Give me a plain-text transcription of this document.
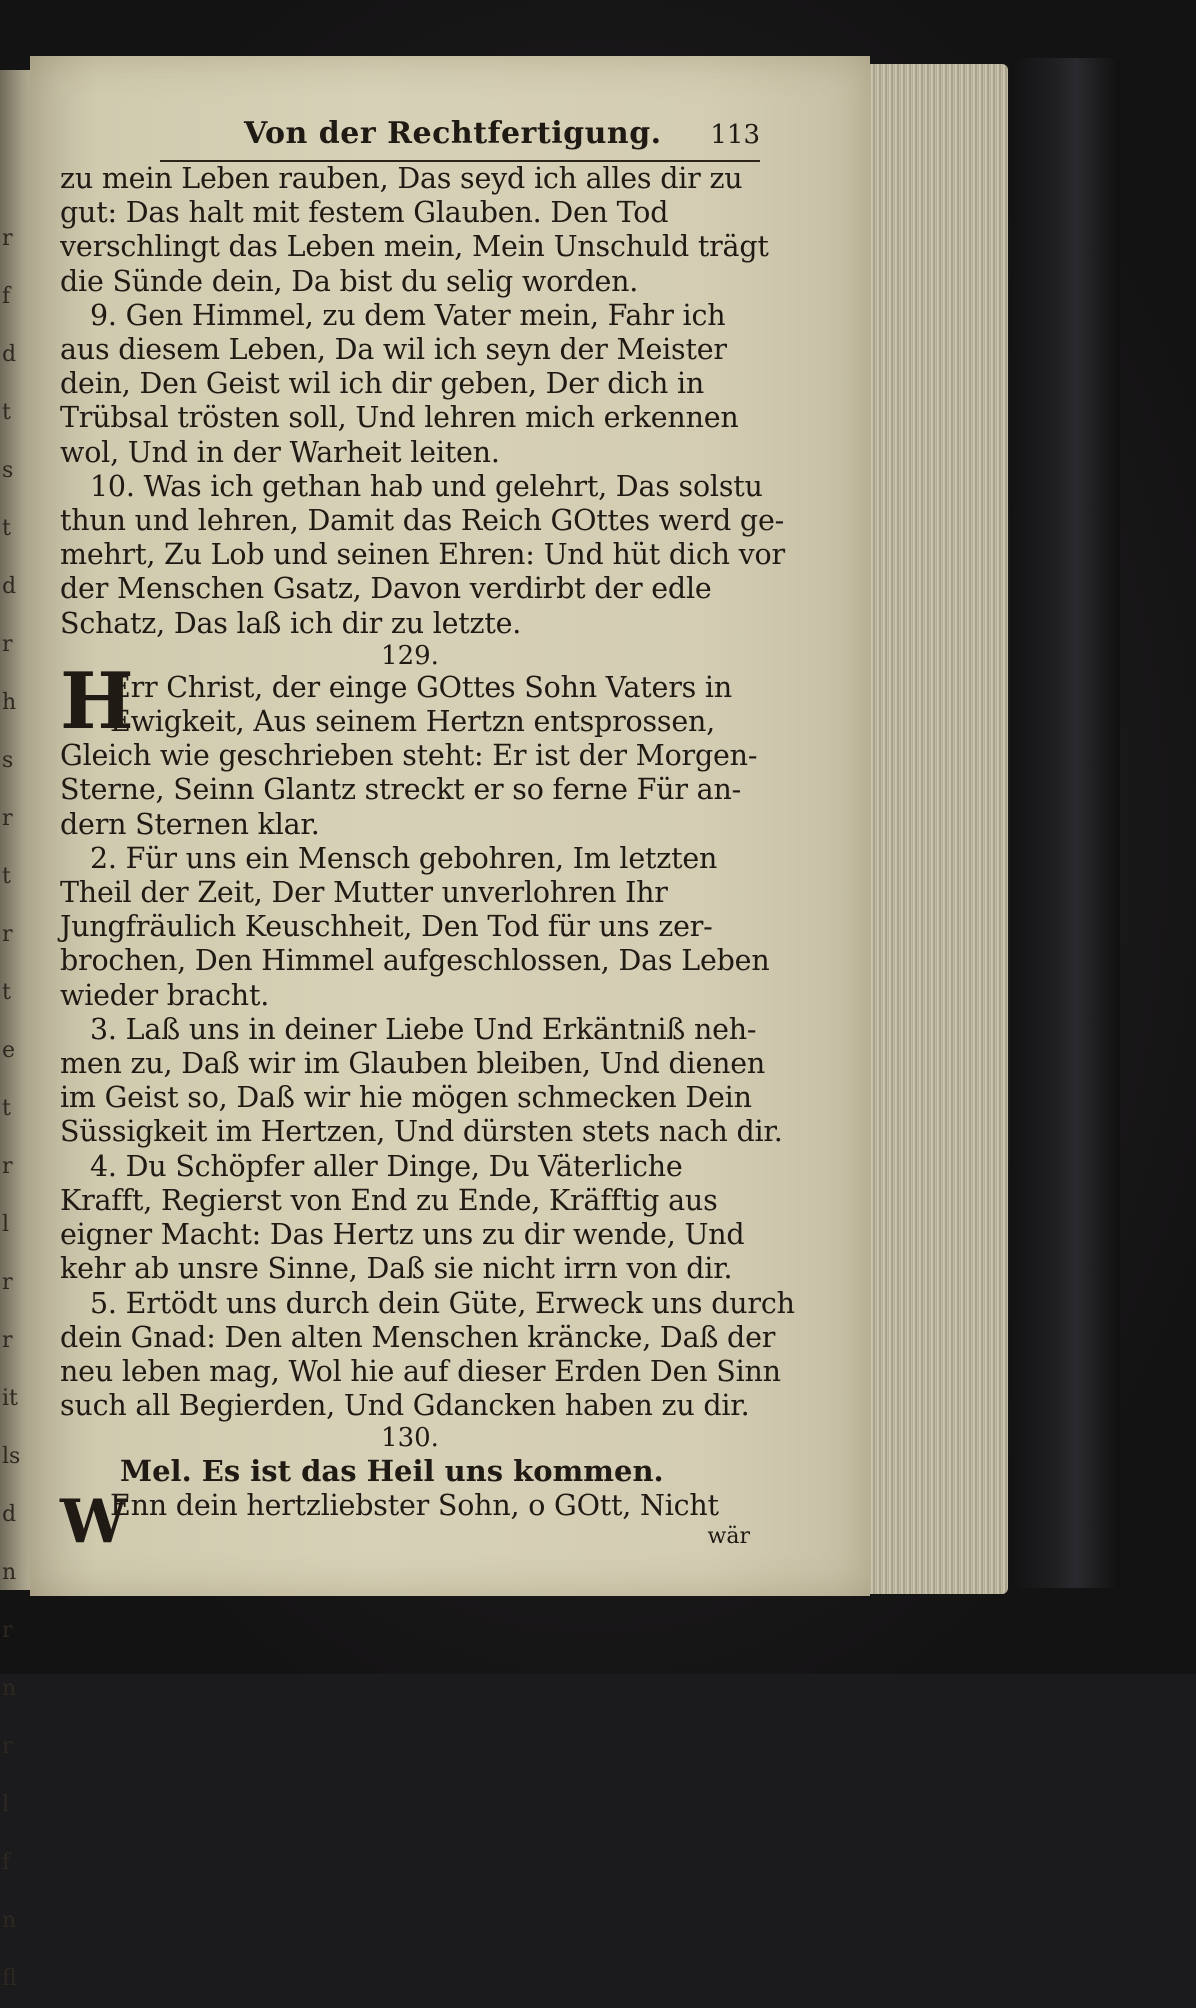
r
f
d
t
s
t
d
r
h
s
r
t
r
t
e
t
r
l
r
r
it
ls
d
n
r
n
r
l
f
n
fl
Von der Rechtfertigung. 113
zu mein Leben rauben, Das seyd ich alles dir zu
gut: Das halt mit festem Glauben. Den Tod
verschlingt das Leben mein, Mein Unschuld trägt
die Sünde dein, Da bist du selig worden.
9. Gen Himmel, zu dem Vater mein, Fahr ich
aus diesem Leben, Da wil ich seyn der Meister
dein, Den Geist wil ich dir geben, Der dich in
Trübsal trösten soll, Und lehren mich erkennen
wol, Und in der Warheit leiten.
10. Was ich gethan hab und gelehrt, Das solstu
thun und lehren, Damit das Reich GOttes werd ge-
mehrt, Zu Lob und seinen Ehren: Und hüt dich vor
der Menschen Gsatz, Davon verdirbt der edle
Schatz, Das laß ich dir zu letzte.
129.
H
Err Christ, der einge GOttes Sohn Vaters in
Ewigkeit, Aus seinem Hertzn entsprossen,
Gleich wie geschrieben steht: Er ist der Morgen-
Sterne, Seinn Glantz streckt er so ferne Für an-
dern Sternen klar.
2. Für uns ein Mensch gebohren, Im letzten
Theil der Zeit, Der Mutter unverlohren Ihr
Jungfräulich Keuschheit, Den Tod für uns zer-
brochen, Den Himmel aufgeschlossen, Das Leben
wieder bracht.
3. Laß uns in deiner Liebe Und Erkäntniß neh-
men zu, Daß wir im Glauben bleiben, Und dienen
im Geist so, Daß wir hie mögen schmecken Dein
Süssigkeit im Hertzen, Und dürsten stets nach dir.
4. Du Schöpfer aller Dinge, Du Väterliche
Krafft, Regierst von End zu Ende, Kräfftig aus
eigner Macht: Das Hertz uns zu dir wende, Und
kehr ab unsre Sinne, Daß sie nicht irrn von dir.
5. Ertödt uns durch dein Güte, Erweck uns durch
dein Gnad: Den alten Menschen kräncke, Daß der
neu leben mag, Wol hie auf dieser Erden Den Sinn
such all Begierden, Und Gdancken haben zu dir.
130.
Mel. Es ist das Heil uns kommen.
W
Enn dein hertzliebster Sohn, o GOtt, Nicht
wär
